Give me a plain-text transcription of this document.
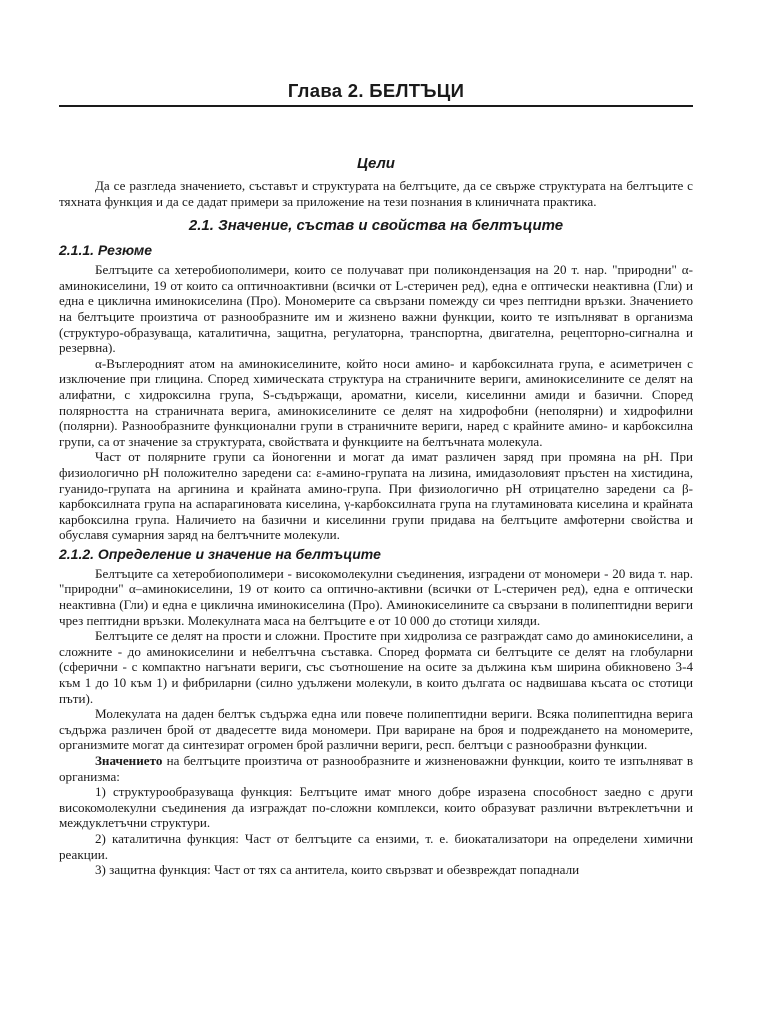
Глава 2. БЕЛТЪЦИ
Цели

Да се разгледа значението, съставът и структурата на белтъците, да се свърже структурата на белтъците с тяхната функция и да се дадат примери за приложение на тези познания в клиничната практика.

2.1. Значение, състав и свойства на белтъците
2.1.1. Резюме

Белтъците са хетеробиополимери, които се получават при поликондензация на 20 т. нар. "природни" α-аминокиселини, 19 от които са оптичноактивни (всички от L-стеричен ред), една е оптически неактивна (Гли) и една е циклична иминокиселина (Про). Мономерите са свързани помежду си чрез пептидни връзки. Значението на белтъците произтича от разнообразните им и жизнено важни функции, които те изпълняват в организма (структуро-образуваща, каталитична, защитна, регулаторна, транспортна, двигателна, рецепторно-сигнална и резервна).

α-Въглеродният атом на аминокиселините, който носи амино- и карбоксилната група, е асиметричен с изключение при глицина. Според химическата структура на страничните вериги, аминокиселините се делят на алифатни, с хидроксилна група, S-съдържащи, ароматни, кисели, киселинни амиди и базични. Според полярността на страничната верига, аминокиселините се делят на хидрофобни (неполярни) и хидрофилни (полярни). Разнообразните функционални групи в страничните вериги, наред с крайните амино- и карбоксилна групи, са от значение за структурата, свойствата и функциите на белтъчната молекула.

Част от полярните групи са йоногенни и могат да имат различен заряд при промяна на pH. При физиологично pH положително заредени са: ε-амино-групата на лизина, имидазоловият пръстен на хистидина, гуанидо-групата на аргинина и крайната амино-група. При физиологично pH отрицателно заредени са β-карбоксилната група на аспарагиновата киселина, γ-карбоксилната група на глутаминовата киселина и крайната карбоксилна група. Наличието на базични и киселинни групи придава на белтъците амфотерни свойства и обуславя сумарния заряд на белтъчните молекули.

2.1.2. Определение и значение на белтъците

Белтъците са хетеробиополимери - високомолекулни съединения, изградени от мономери - 20 вида т. нар. "природни" α–аминокиселини, 19 от които са оптично-активни (всички от L-стеричен ред), една е оптически неактивна (Гли) и една е циклична иминокиселина (Про). Аминокиселините са свързани в полипептидни вериги чрез пептидни връзки. Молекулната маса на белтъците е от 10 000 до стотици хиляди.

Белтъците се делят на прости и сложни. Простите при хидролиза се разграждат само до аминокиселини, а сложните - до аминокиселини и небелтъчна съставка. Според формата си белтъците се делят на глобуларни (сферични - с компактно нагънати вериги, със съотношение на осите за дължина към ширина обикновено 3-4 към 1 до 10 към 1) и фибриларни (силно удължени молекули, в които дългата ос надвишава късата ос стотици пъти).

Молекулата на даден белтък съдържа една или повече полипептидни вериги. Всяка полипептидна верига съдържа различен брой от двадесетте вида мономери. При вариране на броя и подреждането на мономерите, организмите могат да синтезират огромен брой различни вериги, респ. белтъци с разнообразни функции.

Значението на белтъците произтича от разнообразните и жизненоважни функции, които те изпълняват в организма:

1) структурообразуваща функция: Белтъците имат много добре изразена способност заедно с други високомолекулни съединения да изграждат по-сложни комплекси, които образуват различни вътреклетъчни и междуклетъчни структури.

2) каталитична функция: Част от белтъците са ензими, т. е. биокатализатори на определени химични реакции.

3) защитна функция: Част от тях са антитела, които свързват и обезвреждат попаднали
